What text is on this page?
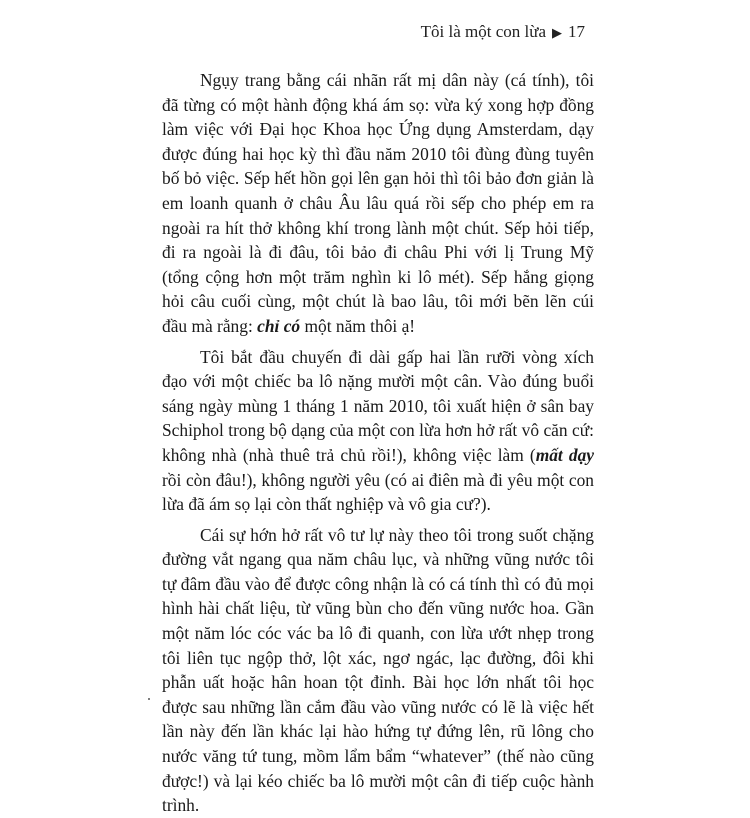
Tôi là một con lừa ▶ 17

Ngụy trang bằng cái nhãn rất mị dân này (cá tính), tôi đã từng có một hành động khá ám sọ: vừa ký xong hợp đồng làm việc với Đại học Khoa học Ứng dụng Amsterdam, dạy được đúng hai học kỳ thì đầu năm 2010 tôi đùng đùng tuyên bố bỏ việc. Sếp hết hồn gọi lên gạn hỏi thì tôi bảo đơn giản là em loanh quanh ở châu Âu lâu quá rồi sếp cho phép em ra ngoài ra hít thở không khí trong lành một chút. Sếp hỏi tiếp, đi ra ngoài là đi đâu, tôi bảo đi châu Phi với lị Trung Mỹ (tổng cộng hơn một trăm nghìn ki lô mét). Sếp hắng giọng hỏi câu cuối cùng, một chút là bao lâu, tôi mới bẽn lẽn cúi đầu mà rằng: chỉ có một năm thôi ạ!

Tôi bắt đầu chuyến đi dài gấp hai lần rưỡi vòng xích đạo với một chiếc ba lô nặng mười một cân. Vào đúng buổi sáng ngày mùng 1 tháng 1 năm 2010, tôi xuất hiện ở sân bay Schiphol trong bộ dạng của một con lừa hơn hở rất vô căn cứ: không nhà (nhà thuê trả chủ rồi!), không việc làm (mất dạy rồi còn đâu!), không người yêu (có ai điên mà đi yêu một con lừa đã ám sọ lại còn thất nghiệp và vô gia cư?).

Cái sự hớn hở rất vô tư lự này theo tôi trong suốt chặng đường vắt ngang qua năm châu lục, và những vũng nước tôi tự đâm đầu vào để được công nhận là có cá tính thì có đủ mọi hình hài chất liệu, từ vũng bùn cho đến vũng nước hoa. Gần một năm lóc cóc vác ba lô đi quanh, con lừa ướt nhẹp trong tôi liên tục ngộp thở, lột xác, ngơ ngác, lạc đường, đôi khi phẫn uất hoặc hân hoan tột đỉnh. Bài học lớn nhất tôi học được sau những lần cắm đầu vào vũng nước có lẽ là việc hết lần này đến lần khác lại hào hứng tự đứng lên, rũ lông cho nước văng tứ tung, mồm lẩm bẩm “whatever” (thế nào cũng được!) và lại kéo chiếc ba lô mười một cân đi tiếp cuộc hành trình.
